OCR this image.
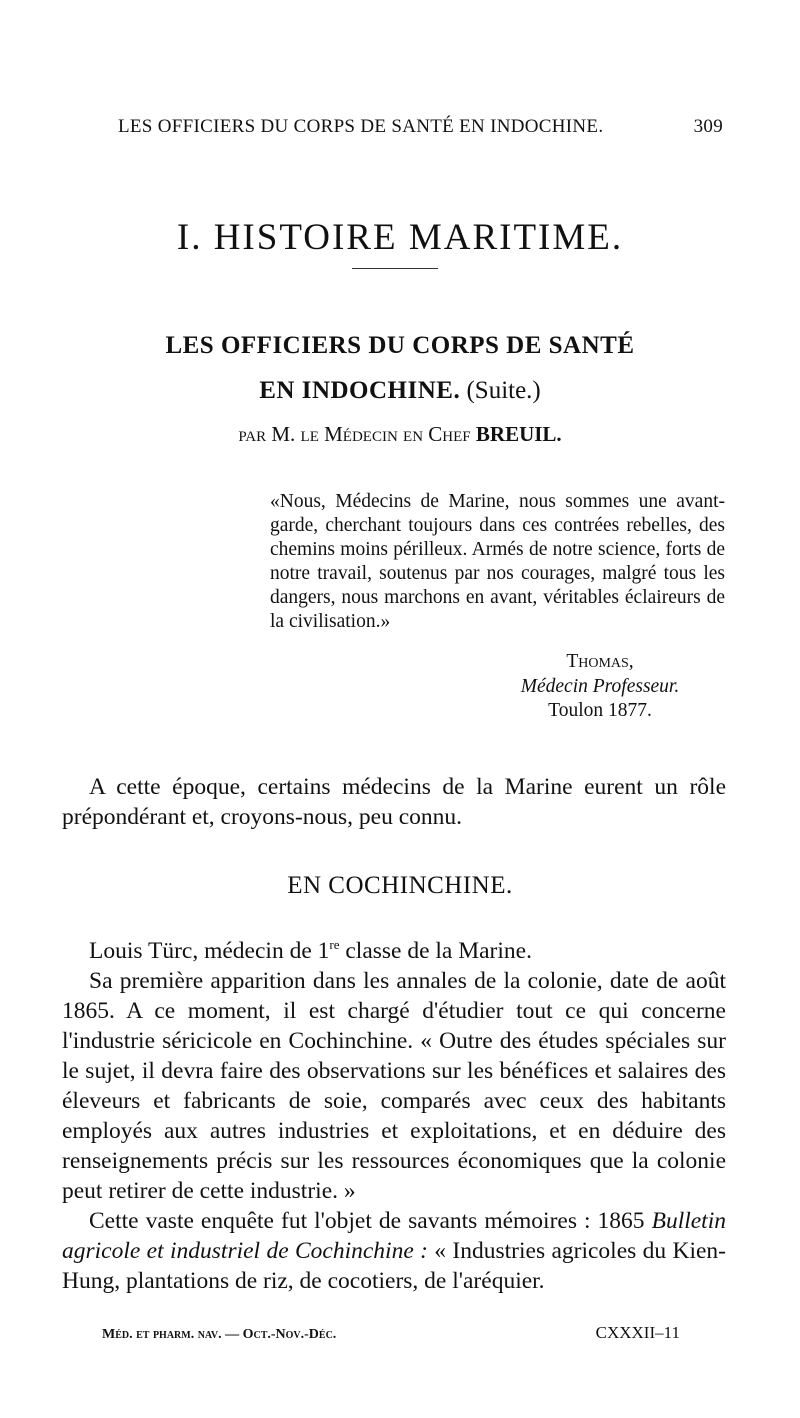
LES OFFICIERS DU CORPS DE SANTÉ EN INDOCHINE.	309
I. HISTOIRE MARITIME.
LES OFFICIERS DU CORPS DE SANTÉ
EN INDOCHINE. (Suite.)
par M. le Médecin en Chef BREUIL.

«Nous, Médecins de Marine, nous sommes une avant-garde, cherchant toujours dans ces contrées rebelles, des chemins moins périlleux. Armés de notre science, forts de notre travail, soutenus par nos courages, malgré tous les dangers, nous marchons en avant, véritables éclaireurs de la civilisation.»

Thomas,
Médecin Professeur.
Toulon 1877.

A cette époque, certains médecins de la Marine eurent un rôle prépondérant et, croyons-nous, peu connu.

EN COCHINCHINE.

Louis Türc, médecin de 1re classe de la Marine.

Sa première apparition dans les annales de la colonie, date de août 1865. A ce moment, il est chargé d'étudier tout ce qui concerne l'industrie séricicole en Cochinchine. « Outre des études spéciales sur le sujet, il devra faire des observations sur les bénéfices et salaires des éleveurs et fabricants de soie, comparés avec ceux des habitants employés aux autres industries et exploitations, et en déduire des renseignements précis sur les ressources économiques que la colonie peut retirer de cette industrie. »

Cette vaste enquête fut l'objet de savants mémoires : 1865 Bulletin agricole et industriel de Cochinchine : « Industries agricoles du Kien-Hung, plantations de riz, de cocotiers, de l'aréquier.

Méd. et pharm. nav. — Oct.-Nov.-Déc.	CXXXII–11
